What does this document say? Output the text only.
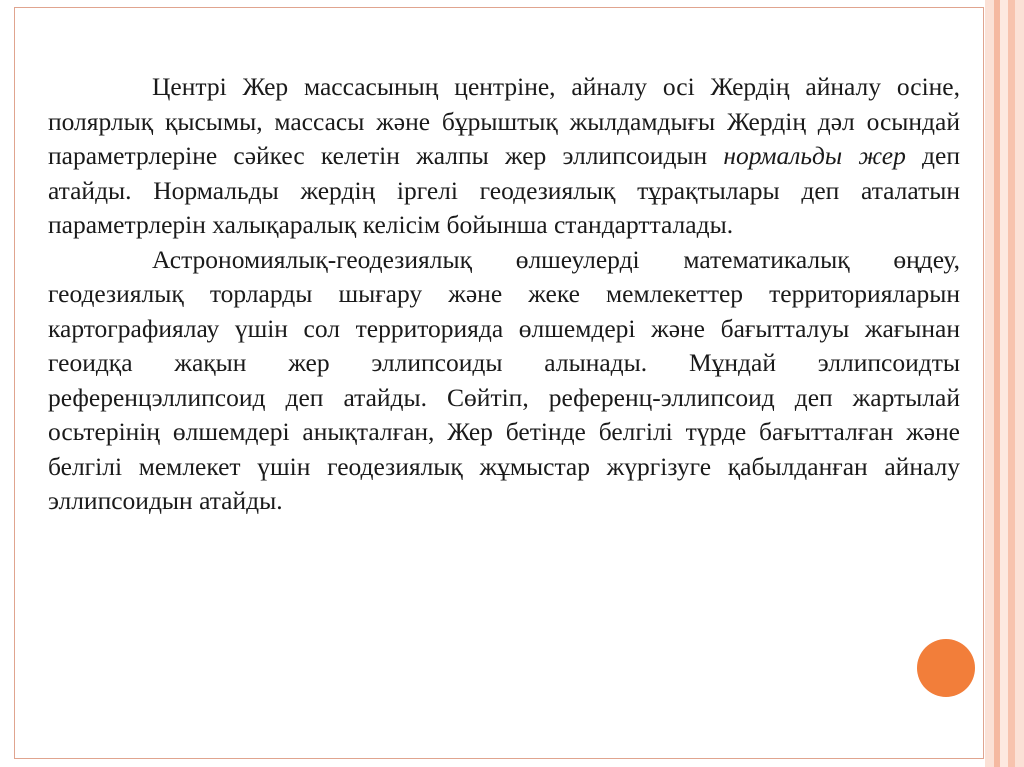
Центрі Жер массасының центріне, айналу осі Жердің айналу осіне, полярлық қысымы, массасы және бұрыштық жылдамдығы Жердің дәл осындай параметрлеріне сәйкес келетін жалпы жер эллипсоидын нормальды жер деп атайды. Нормальды жердің іргелі геодезиялық тұрақтылары деп аталатын параметрлерін халықаралық келісім бойынша стандартталады.

Астрономиялық-геодезиялық өлшеулерді математикалық өңдеу, геодезиялық торларды шығару және жеке мемлекеттер территорияларын картографиялау үшін сол территорияда өлшемдері және бағытталуы жағынан геоидқа жақын жер эллипсоиды алынады. Мұндай эллипсоидты референцэллипсоид деп атайды. Сөйтіп, референц-эллипсоид деп жартылай осьтерінің өлшемдері анықталған, Жер бетінде белгілі түрде бағытталған және белгілі мемлекет үшін геодезиялық жұмыстар жүргізуге қабылданған айналу эллипсоидын атайды.
